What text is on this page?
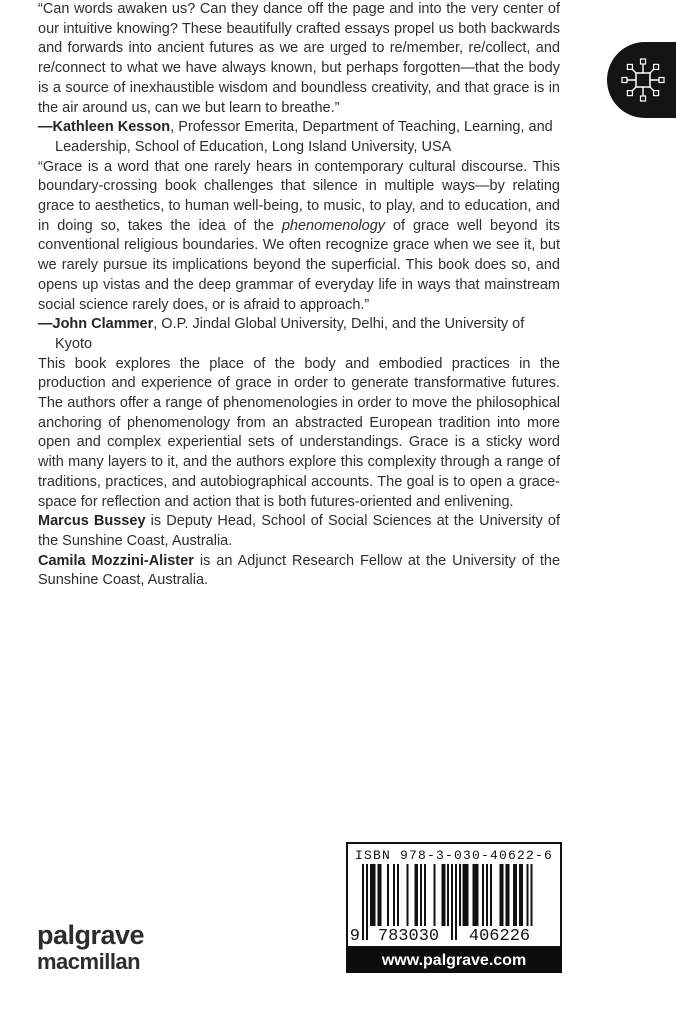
“Can words awaken us? Can they dance off the page and into the very center of our intuitive knowing? These beautifully crafted essays propel us both backwards and forwards into ancient futures as we are urged to re/member, re/collect, and re/connect to what we have always known, but perhaps forgotten—that the body is a source of inexhaustible wisdom and boundless creativity, and that grace is in the air around us, can we but learn to breathe.”

—Kathleen Kesson, Professor Emerita, Department of Teaching, Learning, and Leadership, School of Education, Long Island University, USA

“Grace is a word that one rarely hears in contemporary cultural discourse. This boundary-crossing book challenges that silence in multiple ways—by relating grace to aesthetics, to human well-being, to music, to play, and to education, and in doing so, takes the idea of the phenomenology of grace well beyond its conventional religious boundaries. We often recognize grace when we see it, but we rarely pursue its implications beyond the superficial. This book does so, and opens up vistas and the deep grammar of everyday life in ways that mainstream social science rarely does, or is afraid to approach.”

—John Clammer, O.P. Jindal Global University, Delhi, and the University of Kyoto

This book explores the place of the body and embodied practices in the production and experience of grace in order to generate transformative futures. The authors offer a range of phenomenologies in order to move the philosophical anchoring of phenomenology from an abstracted European tradition into more open and complex experiential sets of understandings. Grace is a sticky word with many layers to it, and the authors explore this complexity through a range of traditions, practices, and autobiographical accounts. The goal is to open a grace-space for reflection and action that is both futures-oriented and enlivening.

Marcus Bussey is Deputy Head, School of Social Sciences at the University of the Sunshine Coast, Australia.

Camila Mozzini-Alister is an Adjunct Research Fellow at the University of the Sunshine Coast, Australia.

palgrave
macmillan
ISBN 978-3-030-40622-6
9	783030	406226
www.palgrave.com
